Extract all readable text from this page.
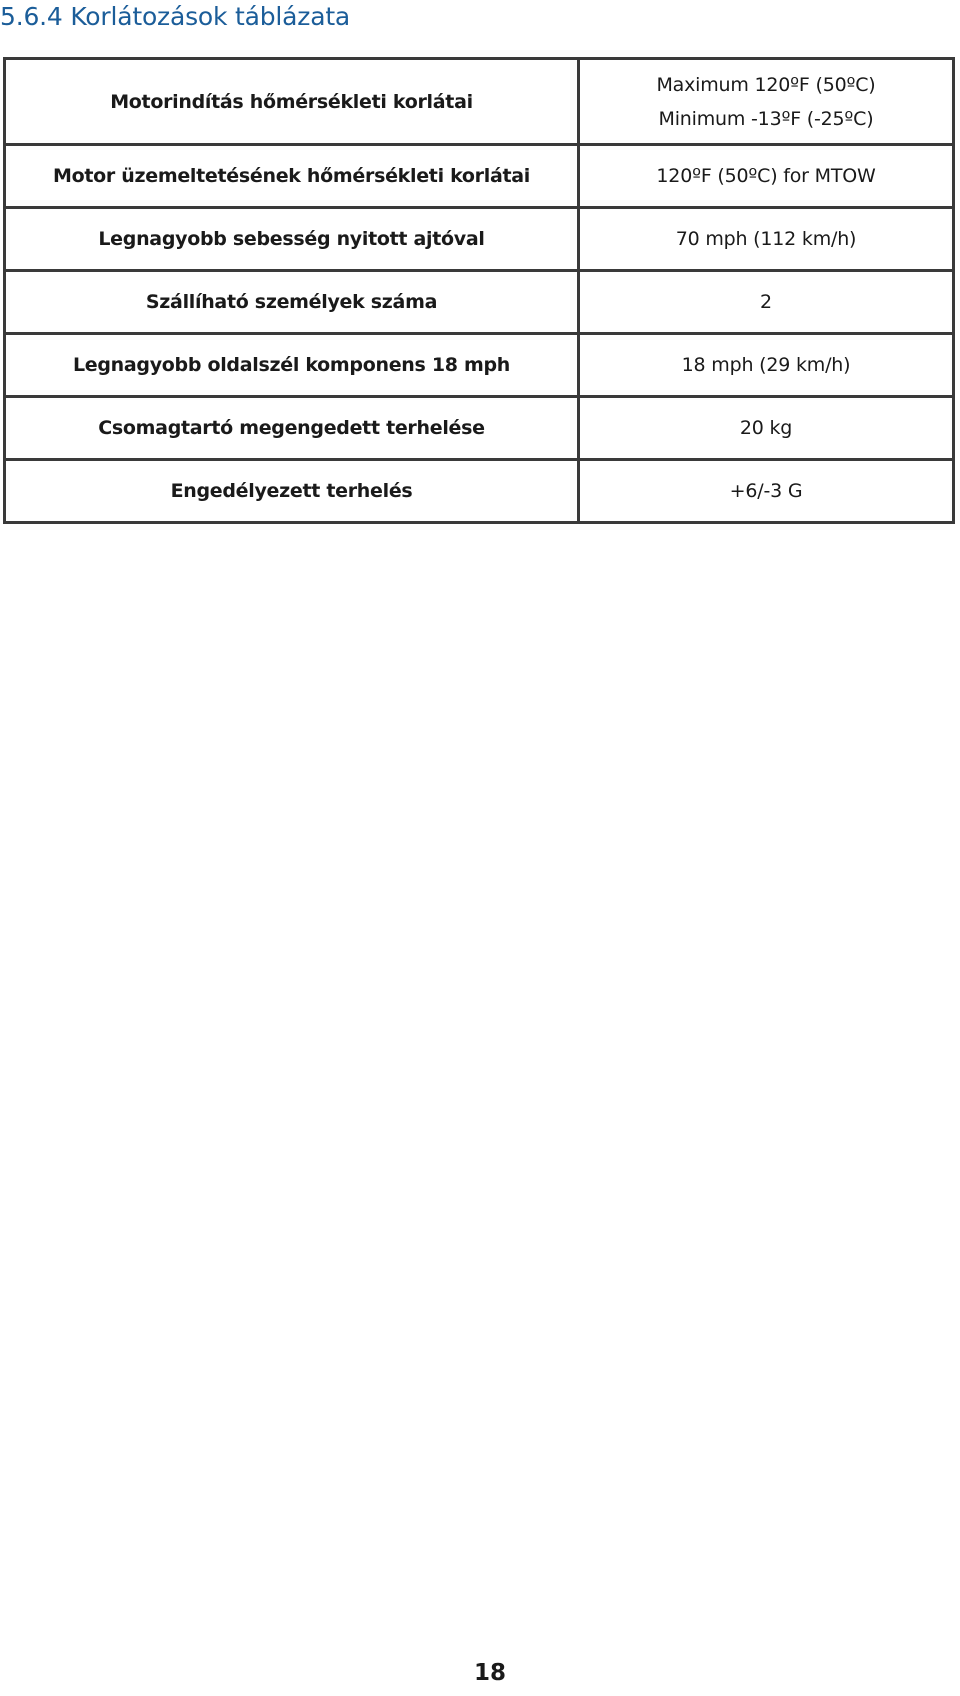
5.6.4 Korlátozások táblázata
Motorindítás hőmérsékleti korlátai	Maximum 120ºF (50ºC)
Minimum -13ºF (-25ºC)

Motor üzemeltetésének hőmérsékleti korlátai	120ºF (50ºC) for MTOW
Legnagyobb sebesség nyitott ajtóval	70 mph (112 km/h)
Szállíható személyek száma	2
Legnagyobb oldalszél komponens 18 mph	18 mph (29 km/h)
Csomagtartó megengedett terhelése	20 kg
Engedélyezett terhelés	+6/-3 G
18
